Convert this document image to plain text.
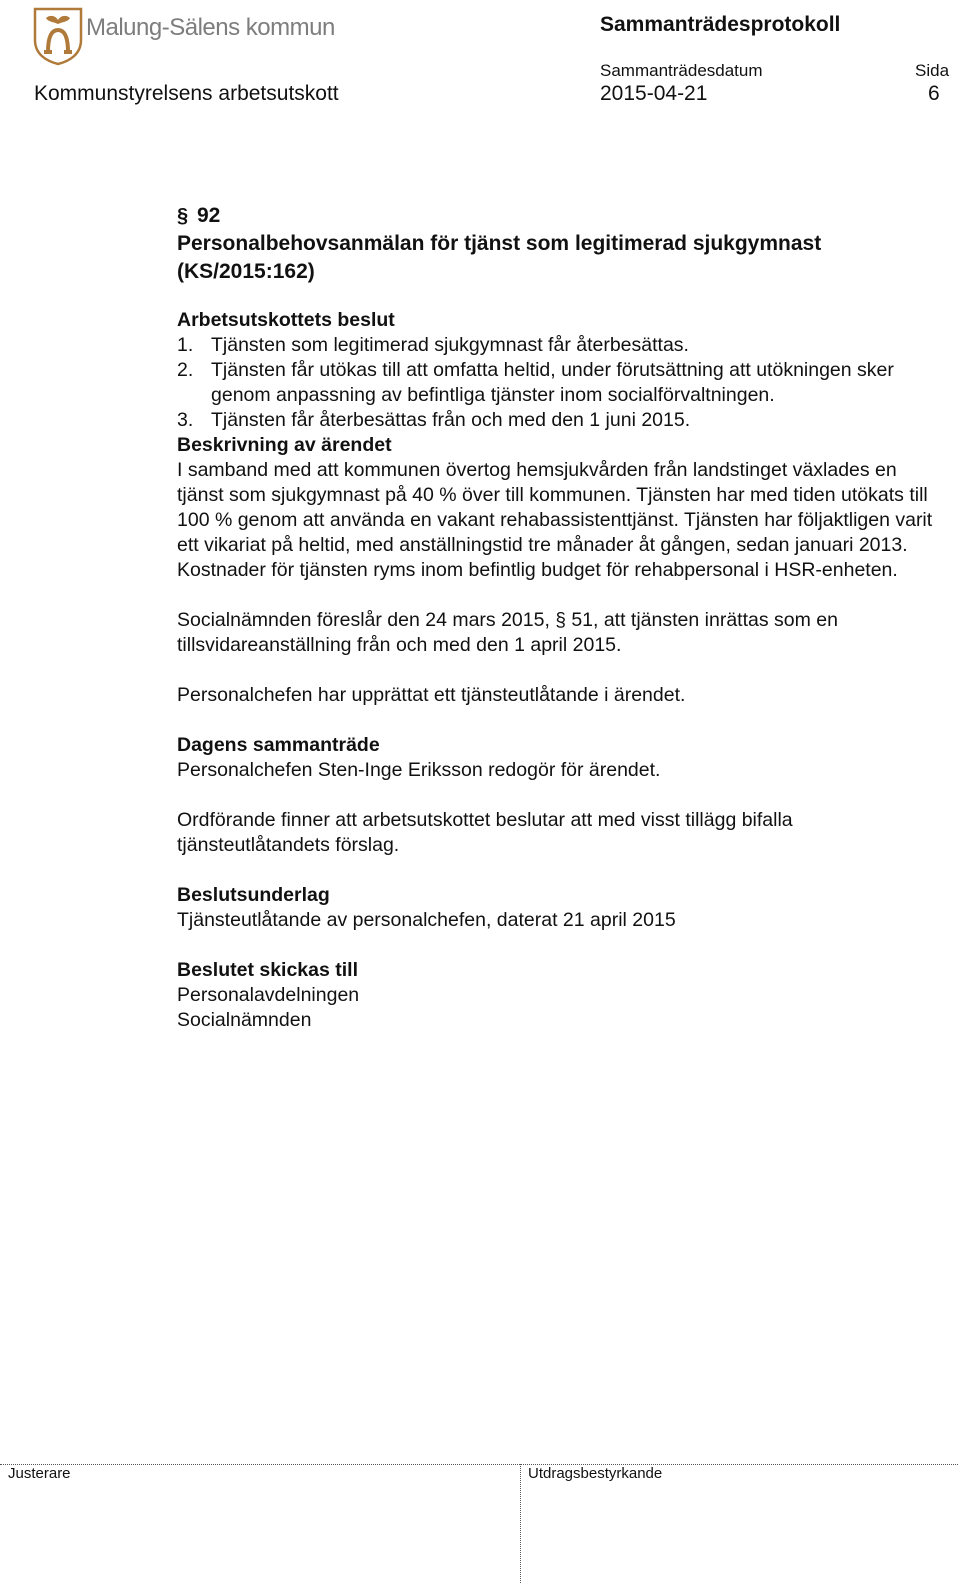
Malung-Sälens kommun	Sammanträdesprotokoll
Sammanträdesdatum	Sida
Kommunstyrelsens arbetsutskott	2015-04-21	6

§ 92

Personalbehovsanmälan för tjänst som legitimerad sjukgymnast

(KS/2015:162)

Arbetsutskottets beslut

1. Tjänsten som legitimerad sjukgymnast får återbesättas.
2. Tjänsten får utökas till att omfatta heltid, under förutsättning att utökningen sker genom anpassning av befintliga tjänster inom socialförvaltningen.
3. Tjänsten får återbesättas från och med den 1 juni 2015.

Beskrivning av ärendet

I samband med att kommunen övertog hemsjukvården från landstinget växlades en tjänst som sjukgymnast på 40 % över till kommunen. Tjänsten har med tiden utökats till 100 % genom att använda en vakant rehabassistenttjänst. Tjänsten har följaktligen varit ett vikariat på heltid, med anställningstid tre månader åt gången, sedan januari 2013. Kostnader för tjänsten ryms inom befintlig budget för rehabpersonal i HSR-enheten.

Socialnämnden föreslår den 24 mars 2015, § 51, att tjänsten inrättas som en tillsvidareanställning från och med den 1 april 2015.

Personalchefen har upprättat ett tjänsteutlåtande i ärendet.

Dagens sammanträde

Personalchefen Sten-Inge Eriksson redogör för ärendet.

Ordförande finner att arbetsutskottet beslutar att med visst tillägg bifalla tjänsteutlåtandets förslag.

Beslutsunderlag

Tjänsteutlåtande av personalchefen, daterat 21 april 2015

Beslutet skickas till

Personalavdelningen

Socialnämnden

Justerare	Utdragsbestyrkande
